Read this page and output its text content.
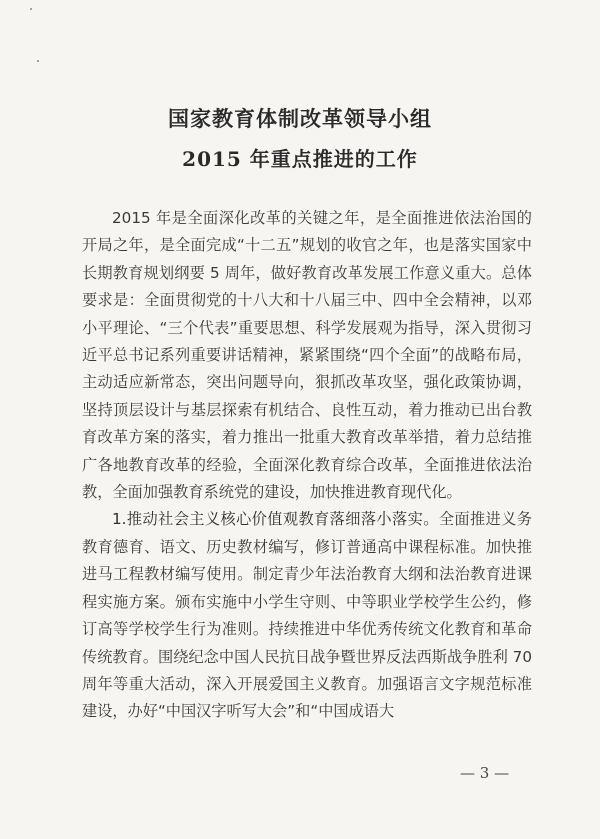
国家教育体制改革领导小组
2015 年重点推进的工作

2015 年是全面深化改革的关键之年，是全面推进依法治国的开局之年，是全面完成“十二五”规划的收官之年，也是落实国家中长期教育规划纲要 5 周年，做好教育改革发展工作意义重大。总体要求是：全面贯彻党的十八大和十八届三中、四中全会精神，以邓小平理论、“三个代表”重要思想、科学发展观为指导，深入贯彻习近平总书记系列重要讲话精神，紧紧围绕“四个全面”的战略布局，主动适应新常态，突出问题导向，狠抓改革攻坚，强化政策协调，坚持顶层设计与基层探索有机结合、良性互动，着力推动已出台教育改革方案的落实，着力推出一批重大教育改革举措，着力总结推广各地教育改革的经验，全面深化教育综合改革，全面推进依法治教，全面加强教育系统党的建设，加快推进教育现代化。

1.推动社会主义核心价值观教育落细落小落实。全面推进义务教育德育、语文、历史教材编写，修订普通高中课程标准。加快推进马工程教材编写使用。制定青少年法治教育大纲和法治教育进课程实施方案。颁布实施中小学生守则、中等职业学校学生公约，修订高等学校学生行为准则。持续推进中华优秀传统文化教育和革命传统教育。围绕纪念中国人民抗日战争暨世界反法西斯战争胜利 70 周年等重大活动，深入开展爱国主义教育。加强语言文字规范标准建设，办好“中国汉字听写大会”和“中国成语大

— 3 —
